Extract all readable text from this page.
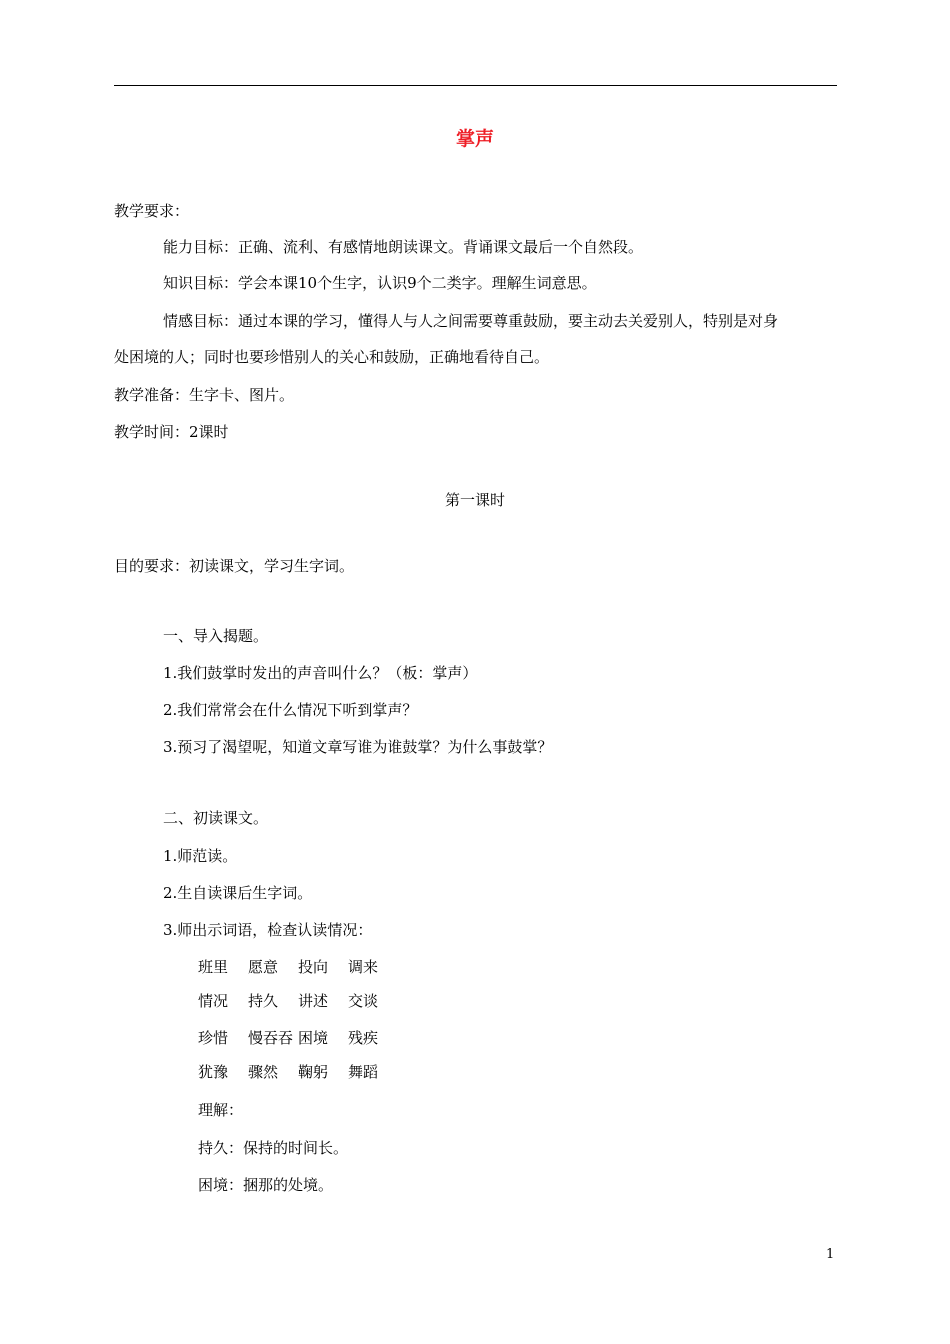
掌声
教学要求：
能力目标：正确、流利、有感情地朗读课文。背诵课文最后一个自然段。
知识目标：学会本课10个生字，认识9个二类字。理解生词意思。
情感目标：通过本课的学习，懂得人与人之间需要尊重鼓励，要主动去关爱别人，特别是对身
处困境的人；同时也要珍惜别人的关心和鼓励，正确地看待自己。
教学准备：生字卡、图片。
教学时间：2课时
第一课时
目的要求：初读课文，学习生字词。
一、导入揭题。
1.我们鼓掌时发出的声音叫什么？（板：掌声）
2.我们常常会在什么情况下听到掌声？
3.预习了渴望呢，知道文章写谁为谁鼓掌？为什么事鼓掌？
二、初读课文。
1.师范读。
2.生自读课后生字词。
3.师出示词语，检查认读情况：
班里 愿意 投向 调来
情况 持久 讲述 交谈
珍惜 慢吞吞 困境 残疾
犹豫 骤然 鞠躬 舞蹈
理解：
持久：保持的时间长。
困境：捆那的处境。
1
